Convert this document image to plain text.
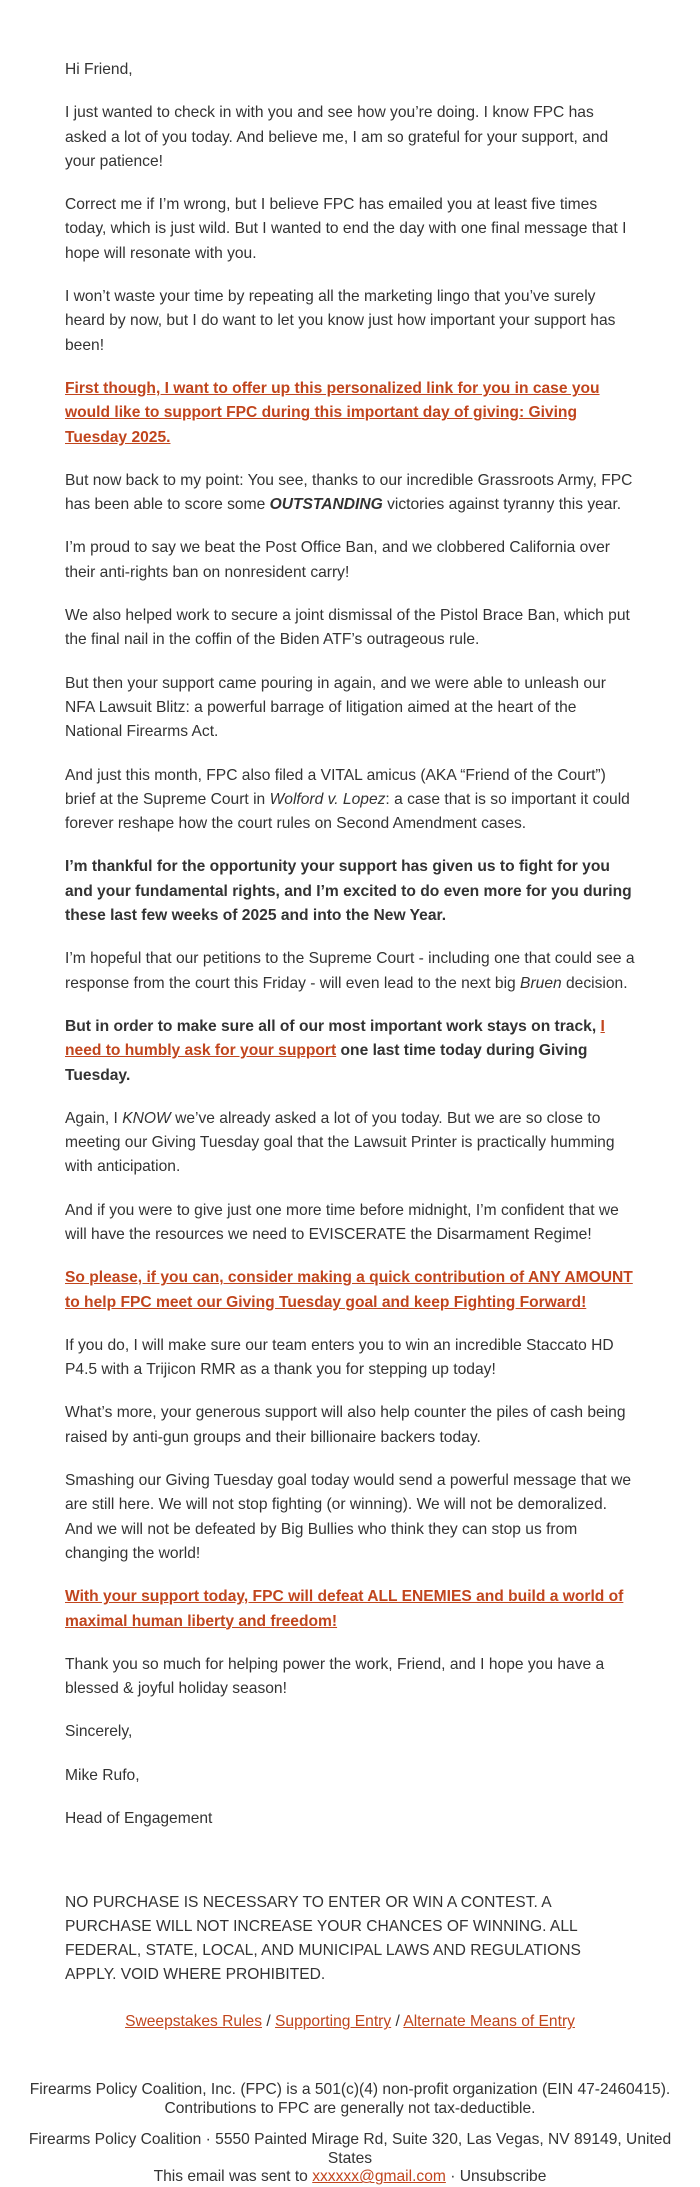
Hi Friend,

I just wanted to check in with you and see how you’re doing. I know FPC has asked a lot of you today. And believe me, I am so grateful for your support, and your patience!

Correct me if I’m wrong, but I believe FPC has emailed you at least five times today, which is just wild. But I wanted to end the day with one final message that I hope will resonate with you.

I won’t waste your time by repeating all the marketing lingo that you’ve surely heard by now, but I do want to let you know just how important your support has been!

First though, I want to offer up this personalized link for you in case you would like to support FPC during this important day of giving: Giving Tuesday 2025.

But now back to my point: You see, thanks to our incredible Grassroots Army, FPC has been able to score some OUTSTANDING victories against tyranny this year.

I’m proud to say we beat the Post Office Ban, and we clobbered California over their anti-rights ban on nonresident carry!

We also helped work to secure a joint dismissal of the Pistol Brace Ban, which put the final nail in the coffin of the Biden ATF’s outrageous rule.

But then your support came pouring in again, and we were able to unleash our NFA Lawsuit Blitz: a powerful barrage of litigation aimed at the heart of the National Firearms Act.

And just this month, FPC also filed a VITAL amicus (AKA “Friend of the Court”) brief at the Supreme Court in Wolford v. Lopez: a case that is so important it could forever reshape how the court rules on Second Amendment cases.

I’m thankful for the opportunity your support has given us to fight for you and your fundamental rights, and I’m excited to do even more for you during these last few weeks of 2025 and into the New Year.

I’m hopeful that our petitions to the Supreme Court - including one that could see a response from the court this Friday - will even lead to the next big Bruen decision.

But in order to make sure all of our most important work stays on track, I need to humbly ask for your support one last time today during Giving Tuesday.

Again, I KNOW we’ve already asked a lot of you today. But we are so close to meeting our Giving Tuesday goal that the Lawsuit Printer is practically humming with anticipation.

And if you were to give just one more time before midnight, I’m confident that we will have the resources we need to EVISCERATE the Disarmament Regime!

So please, if you can, consider making a quick contribution of ANY AMOUNT to help FPC meet our Giving Tuesday goal and keep Fighting Forward!

If you do, I will make sure our team enters you to win an incredible Staccato HD P4.5 with a Trijicon RMR as a thank you for stepping up today!

What’s more, your generous support will also help counter the piles of cash being raised by anti-gun groups and their billionaire backers today.

Smashing our Giving Tuesday goal today would send a powerful message that we are still here. We will not stop fighting (or winning). We will not be demoralized. And we will not be defeated by Big Bullies who think they can stop us from changing the world!

With your support today, FPC will defeat ALL ENEMIES and build a world of maximal human liberty and freedom!

Thank you so much for helping power the work, Friend, and I hope you have a blessed & joyful holiday season!

Sincerely,

Mike Rufo,

Head of Engagement

NO PURCHASE IS NECESSARY TO ENTER OR WIN A CONTEST. A PURCHASE WILL NOT INCREASE YOUR CHANCES OF WINNING. ALL FEDERAL, STATE, LOCAL, AND MUNICIPAL LAWS AND REGULATIONS APPLY. VOID WHERE PROHIBITED.
Sweepstakes Rules / Supporting Entry / Alternate Means of Entry

Firearms Policy Coalition, Inc. (FPC) is a 501(c)(4) non-profit organization (EIN 47-2460415). Contributions to FPC are generally not tax-deductible.

Firearms Policy Coalition · 5550 Painted Mirage Rd, Suite 320, Las Vegas, NV 89149, United States

This email was sent to xxxxxx@gmail.com · Unsubscribe
